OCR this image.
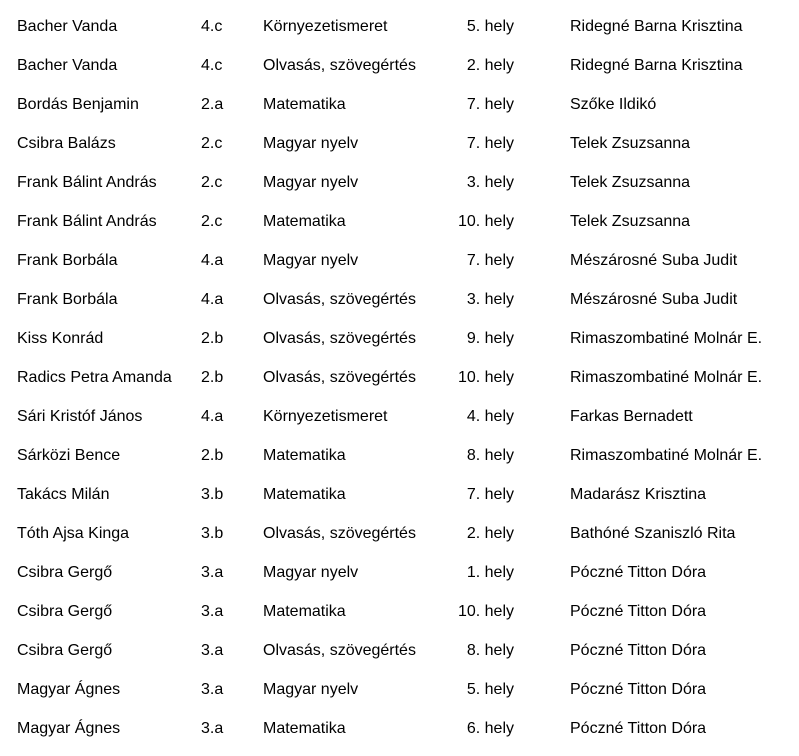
Bacher Vanda	4.c	Környezetismeret	5. hely	Ridegné Barna Krisztina
Bacher Vanda	4.c	Olvasás, szövegértés	2. hely	Ridegné Barna Krisztina
Bordás Benjamin	2.a Matematika	7. hely	Szőke Ildikó
Csibra Balázs	2.c	Magyar nyelv	7. hely	Telek Zsuzsanna
Frank Bálint András	2.c	Magyar nyelv	3. hely	Telek Zsuzsanna
Frank Bálint András	2.c	Matematika	10. hely	Telek Zsuzsanna
Frank Borbála	4.a Magyar nyelv	7. hely	Mészárosné Suba Judit
Frank Borbála	4.a Olvasás, szövegértés	3. hely	Mészárosné Suba Judit
Kiss Konrád	2.b Olvasás, szövegértés	9. hely	Rimaszombatiné Molnár E.
Radics Petra Amanda 2.b Olvasás, szövegértés	10. hely	Rimaszombatiné Molnár E.
Sári Kristóf János	4.a Környezetismeret	4. hely	Farkas Bernadett
Sárközi Bence	2.b Matematika	8. hely	Rimaszombatiné Molnár E.
Takács Milán	3.b Matematika	7. hely	Madarász Krisztina
Tóth Ajsa Kinga	3.b Olvasás, szövegértés	2. hely	Bathóné Szaniszló Rita
Csibra Gergő	3.a Magyar nyelv	1. hely	Póczné Titton Dóra
Csibra Gergő	3.a Matematika	10. hely	Póczné Titton Dóra
Csibra Gergő	3.a Olvasás, szövegértés	8. hely	Póczné Titton Dóra
Magyar Ágnes	3.a Magyar nyelv	5. hely	Póczné Titton Dóra
Magyar Ágnes	3.a Matematika	6. hely	Póczné Titton Dóra
